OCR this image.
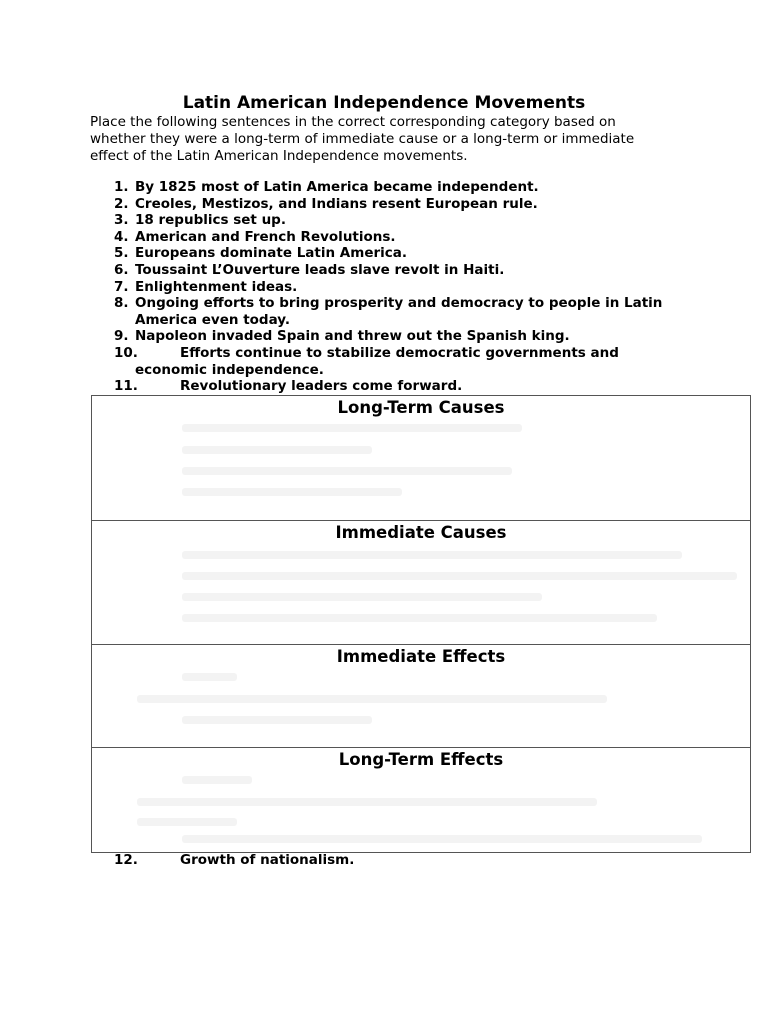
Latin American Independence Movements
Place the following sentences in the correct corresponding category based on
whether they were a long-term of immediate cause or a long-term or immediate
effect of the Latin American Independence movements.
1. By 1825 most of Latin America became independent.
2. Creoles, Mestizos, and Indians resent European rule.
3. 18 republics set up.
4. American and French Revolutions.
5. Europeans dominate Latin America.
6. Toussaint L’Ouverture leads slave revolt in Haiti.
7. Enlightenment ideas.
8. Ongoing efforts to bring prosperity and democracy to people in Latin
America even today.
9. Napoleon invaded Spain and threw out the Spanish king.
10.	Efforts continue to stabilize democratic governments and
economic independence.
11.	Revolutionary leaders come forward.
Long-Term Causes
Immediate Causes
Immediate Effects
Long-Term Effects
12.	Growth of nationalism.
